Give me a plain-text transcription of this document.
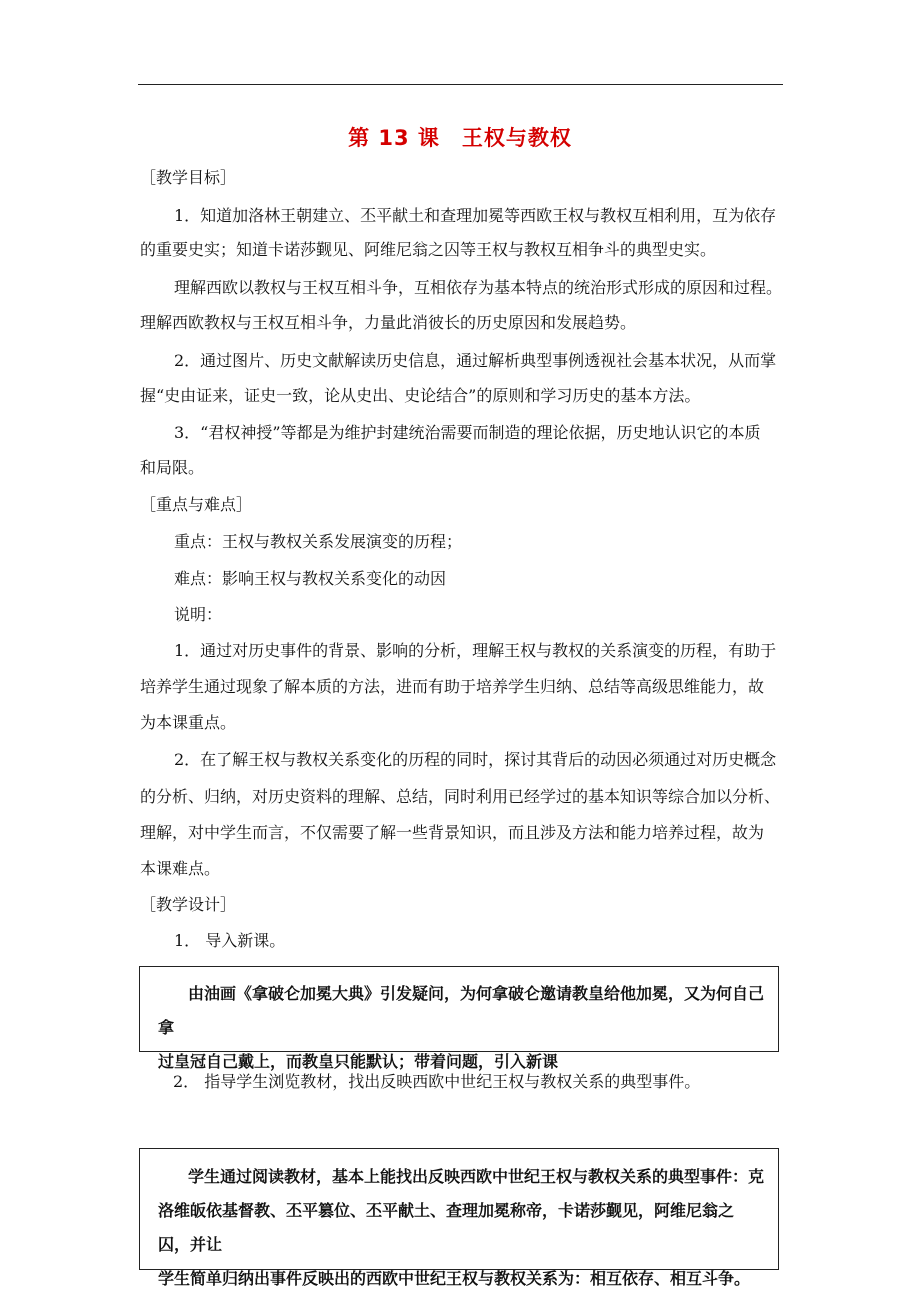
第 13 课 王权与教权
［教学目标］
1．知道加洛林王朝建立、丕平献土和查理加冕等西欧王权与教权互相利用，互为依存
的重要史实；知道卡诺莎觐见、阿维尼翁之囚等王权与教权互相争斗的典型史实。
理解西欧以教权与王权互相斗争，互相依存为基本特点的统治形式形成的原因和过程。
理解西欧教权与王权互相斗争，力量此消彼长的历史原因和发展趋势。
2．通过图片、历史文献解读历史信息，通过解析典型事例透视社会基本状况，从而掌
握“史由证来，证史一致，论从史出、史论结合”的原则和学习历史的基本方法。
3．“君权神授”等都是为维护封建统治需要而制造的理论依据，历史地认识它的本质
和局限。
［重点与难点］
重点：王权与教权关系发展演变的历程；
难点：影响王权与教权关系变化的动因
说明：
1．通过对历史事件的背景、影响的分析，理解王权与教权的关系演变的历程，有助于
培养学生通过现象了解本质的方法，进而有助于培养学生归纳、总结等高级思维能力，故
为本课重点。
2．在了解王权与教权关系变化的历程的同时，探讨其背后的动因必须通过对历史概念
的分析、归纳，对历史资料的理解、总结，同时利用已经学过的基本知识等综合加以分析、
理解，对中学生而言，不仅需要了解一些背景知识，而且涉及方法和能力培养过程，故为
本课难点。
［教学设计］
1． 导入新课。

由油画《拿破仑加冕大典》引发疑问，为何拿破仑邀请教皇给他加冕，又为何自己拿

过皇冠自己戴上，而教皇只能默认；带着问题，引入新课

2． 指导学生浏览教材，找出反映西欧中世纪王权与教权关系的典型事件。

学生通过阅读教材，基本上能找出反映西欧中世纪王权与教权关系的典型事件：克

洛维皈依基督教、丕平篡位、丕平献土、查理加冕称帝，卡诺莎觐见，阿维尼翁之囚，并让

学生简单归纳出事件反映出的西欧中世纪王权与教权关系为：相互依存、相互斗争。
